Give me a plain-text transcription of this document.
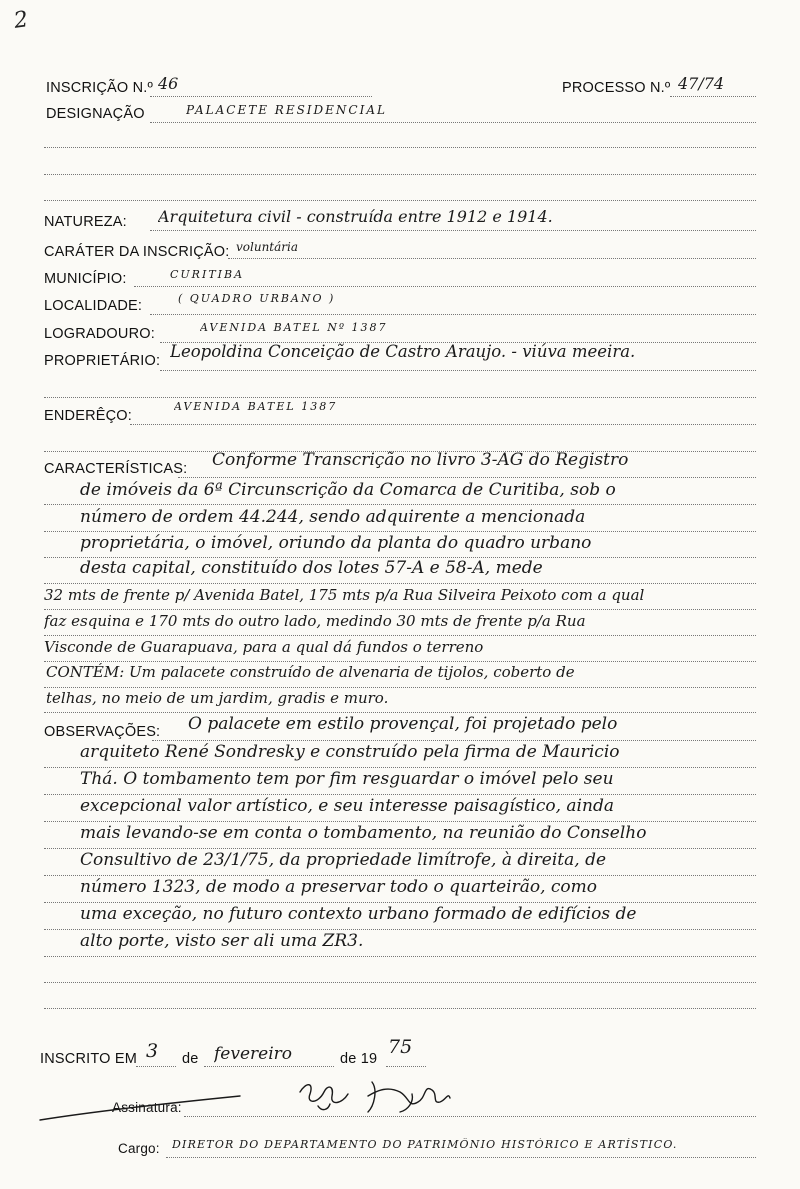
2
INSCRIÇÃO N.º 46	PROCESSO N.º 47/74
DESIGNAÇÃO	PALACETE RESIDENCIAL
NATUREZA: Arquitetura civil - construída entre 1912 e 1914.
CARÁTER DA INSCRIÇÃO: voluntária
MUNICÍPIO:	CURITIBA
LOCALIDADE:	( QUADRO URBANO )
LOGRADOURO:	AVENIDA BATEL Nº 1387
PROPRIETÁRIO: Leopoldina Conceição de Castro Araujo. - viúva meeira.
ENDERÊÇO:
AVENIDA BATEL 1387
CARACTERÍSTICAS: Conforme Transcrição no livro 3-AG do Registro
de imóveis da 6ª Circunscrição da Comarca de Curitiba, sob o
número de ordem 44.244, sendo adquirente a mencionada
proprietária, o imóvel, oriundo da planta do quadro urbano
desta capital, constituído dos lotes 57-A e 58-A, mede
32 mts de frente p/ Avenida Batel, 175 mts p/a Rua Silveira Peixoto com a qual
faz esquina e 170 mts do outro lado, medindo 30 mts de frente p/a Rua
Visconde de Guarapuava, para a qual dá fundos o terreno
CONTÉM: Um palacete construído de alvenaria de tijolos, coberto de
telhas, no meio de um jardim, gradis e muro.
OBSERVAÇÕES: O palacete em estilo provençal, foi projetado pelo
arquiteto René Sondresky e construído pela firma de Mauricio
Thá. O tombamento tem por fim resguardar o imóvel pelo seu
excepcional valor artístico, e seu interesse paisagístico, ainda
mais levando-se em conta o tombamento, na reunião do Conselho
Consultivo de 23/1/75, da propriedade limítrofe, à direita, de
número 1323, de modo a preservar todo o quarteirão, como
uma exceção, no futuro contexto urbano formado de edifícios de
alto porte, visto ser ali uma ZR3.
INSCRITO EM 3 de fevereiro	de 19
75
Assinatura:
Cargo: DIRETOR DO DEPARTAMENTO DO PATRIMÔNIO HISTÓRICO E ARTÍSTICO.
